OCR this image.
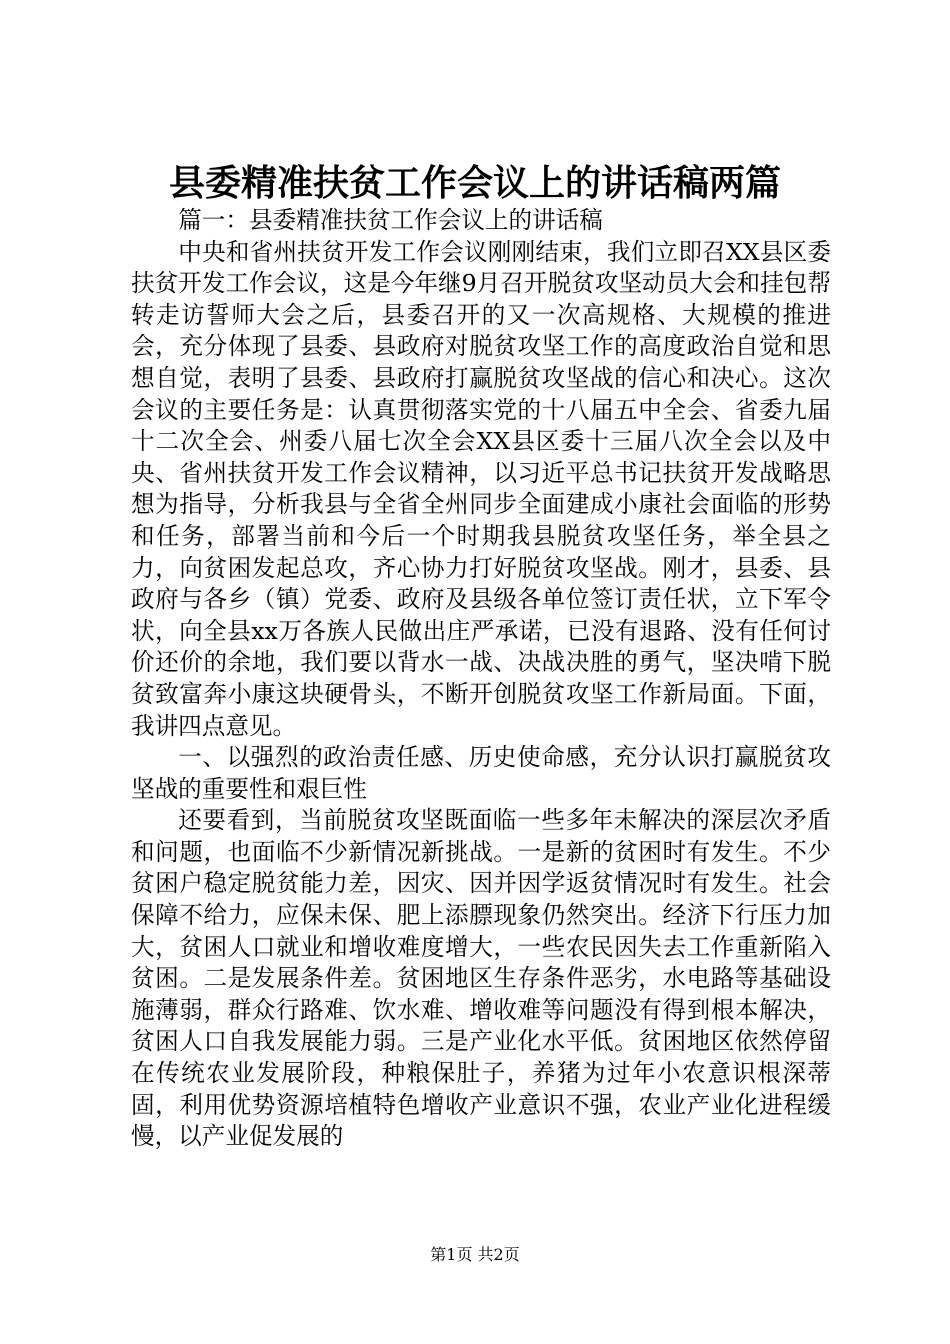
县委精准扶贫工作会议上的讲话稿两篇

篇一：县委精准扶贫工作会议上的讲话稿

中央和省州扶贫开发工作会议刚刚结束，我们立即召XX县区委扶贫开发工作会议，这是今年继9月召开脱贫攻坚动员大会和挂包帮转走访誓师大会之后，县委召开的又一次高规格、大规模的推进会，充分体现了县委、县政府对脱贫攻坚工作的高度政治自觉和思想自觉，表明了县委、县政府打赢脱贫攻坚战的信心和决心。这次会议的主要任务是：认真贯彻落实党的十八届五中全会、省委九届十二次全会、州委八届七次全会XX县区委十三届八次全会以及中央、省州扶贫开发工作会议精神，以习近平总书记扶贫开发战略思想为指导，分析我县与全省全州同步全面建成小康社会面临的形势和任务，部署当前和今后一个时期我县脱贫攻坚任务，举全县之力，向贫困发起总攻，齐心协力打好脱贫攻坚战。刚才，县委、县政府与各乡（镇）党委、政府及县级各单位签订责任状，立下军令状，向全县xx万各族人民做出庄严承诺，已没有退路、没有任何讨价还价的余地，我们要以背水一战、决战决胜的勇气，坚决啃下脱贫致富奔小康这块硬骨头，不断开创脱贫攻坚工作新局面。下面，我讲四点意见。

一、以强烈的政治责任感、历史使命感，充分认识打赢脱贫攻坚战的重要性和艰巨性

还要看到，当前脱贫攻坚既面临一些多年未解决的深层次矛盾和问题，也面临不少新情况新挑战。一是新的贫困时有发生。不少贫困户稳定脱贫能力差，因灾、因并因学返贫情况时有发生。社会保障不给力，应保未保、肥上添膘现象仍然突出。经济下行压力加大，贫困人口就业和增收难度增大，一些农民因失去工作重新陷入贫困。二是发展条件差。贫困地区生存条件恶劣，水电路等基础设施薄弱，群众行路难、饮水难、增收难等问题没有得到根本解决，贫困人口自我发展能力弱。三是产业化水平低。贫困地区依然停留在传统农业发展阶段，种粮保肚子，养猪为过年小农意识根深蒂固，利用优势资源培植特色增收产业意识不强，农业产业化进程缓慢，以产业促发展的

第1页 共2页
